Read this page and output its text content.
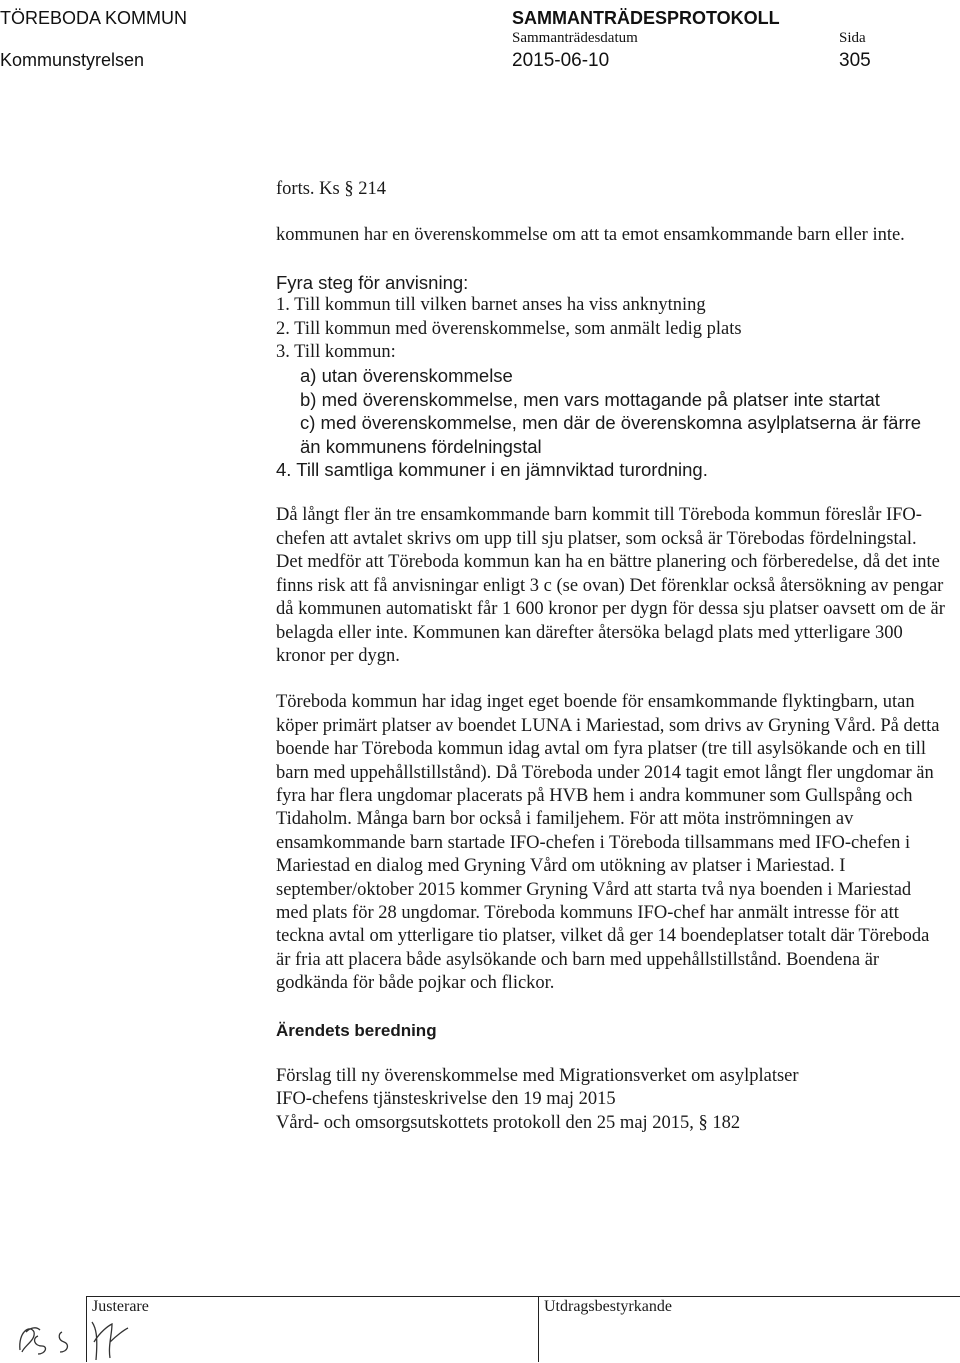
TÖREBODA KOMMUN
Kommunstyrelsen
SAMMANTRÄDESPROTOKOLL
Sammanträdesdatum
2015-06-10
Sida
305

forts. Ks § 214

kommunen har en överenskommelse om att ta emot ensamkommande barn eller inte.

Fyra steg för anvisning:

1. Till kommun till vilken barnet anses ha viss anknytning

2. Till kommun med överenskommelse, som anmält ledig plats

3. Till kommun:

a) utan överenskommelse

b) med överenskommelse, men vars mottagande på platser inte startat

c) med överenskommelse, men där de överenskomna asylplatserna är färre än kommunens fördelningstal

4. Till samtliga kommuner i en jämnviktad turordning.

Då långt fler än tre ensamkommande barn kommit till Töreboda kommun föreslår IFO-chefen att avtalet skrivs om upp till sju platser, som också är Törebodas fördelningstal. Det medför att Töreboda kommun kan ha en bättre planering och förberedelse, då det inte finns risk att få anvisningar enligt 3 c (se ovan) Det förenklar också återsökning av pengar då kommunen automatiskt får 1 600 kronor per dygn för dessa sju platser oavsett om de är belagda eller inte. Kommunen kan därefter återsöka belagd plats med ytterligare 300 kronor per dygn.

Töreboda kommun har idag inget eget boende för ensamkommande flyktingbarn, utan köper primärt platser av boendet LUNA i Mariestad, som drivs av Gryning Vård. På detta boende har Töreboda kommun idag avtal om fyra platser (tre till asylsökande och en till barn med uppehållstillstånd). Då Töreboda under 2014 tagit emot långt fler ungdomar än fyra har flera ungdomar placerats på HVB hem i andra kommuner som Gullspång och Tidaholm. Många barn bor också i familjehem. För att möta inströmningen av ensamkommande barn startade IFO-chefen i Töreboda tillsammans med IFO-chefen i Mariestad en dialog med Gryning Vård om utökning av platser i Mariestad. I september/oktober 2015 kommer Gryning Vård att starta två nya boenden i Mariestad med plats för 28 ungdomar. Töreboda kommuns IFO-chef har anmält intresse för att teckna avtal om ytterligare tio platser, vilket då ger 14 boendeplatser totalt där Töreboda är fria att placera både asylsökande och barn med uppehållstillstånd. Boendena är godkända för både pojkar och flickor.

Ärendets beredning

Förslag till ny överenskommelse med Migrationsverket om asylplatser

IFO-chefens tjänsteskrivelse den 19 maj 2015

Vård- och omsorgsutskottets protokoll den 25 maj 2015, § 182

Justerare	Utdragsbestyrkande
